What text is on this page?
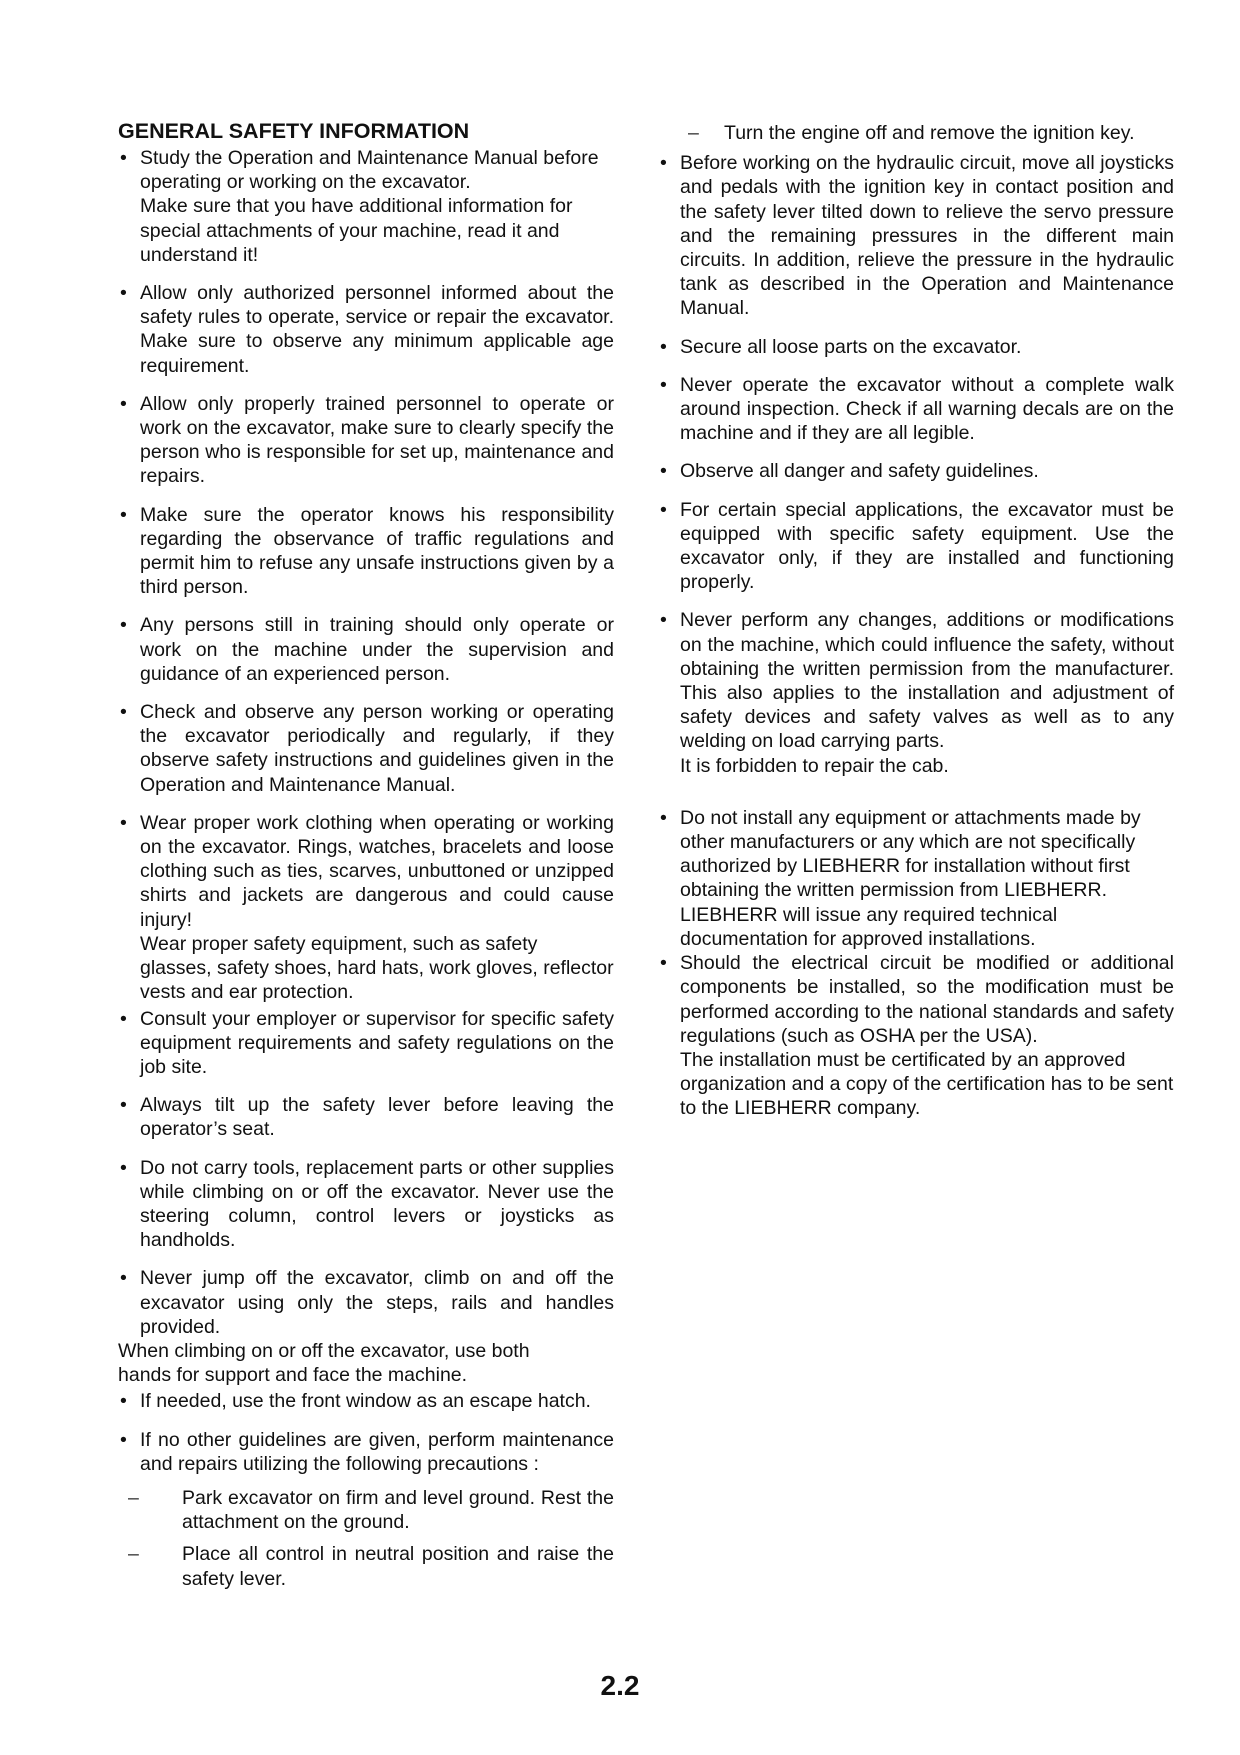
GENERAL SAFETY INFORMATION
• Study the Operation and Maintenance Manual before operating or working on the excavator.
Make sure that you have additional information for special attachments of your machine, read it and understand it!
• Allow only authorized personnel informed about the safety rules to operate, service or repair the excavator. Make sure to observe any minimum applicable age requirement.
• Allow only properly trained personnel to operate or work on the excavator, make sure to clearly specify the person who is responsible for set up, maintenance and repairs.
• Make sure the operator knows his responsibility regarding the observance of traffic regulations and permit him to refuse any unsafe instructions given by a third person.
• Any persons still in training should only operate or work on the machine under the supervision and guidance of an experienced person.
• Check and observe any person working or operating the excavator periodically and regularly, if they observe safety instructions and guidelines given in the Operation and Maintenance Manual.
• Wear proper work clothing when operating or working on the excavator. Rings, watches, bracelets and loose clothing such as ties, scarves, unbuttoned or unzipped shirts and jackets are dangerous and could cause injury!
Wear proper safety equipment, such as safety glasses, safety shoes, hard hats, work gloves, reflector vests and ear protection.
• Consult your employer or supervisor for specific safety equipment requirements and safety regulations on the job site.
• Always tilt up the safety lever before leaving the operator’s seat.
• Do not carry tools, replacement parts or other supplies while climbing on or off the excavator. Never use the steering column, control levers or joysticks as handholds.
• Never jump off the excavator, climb on and off the excavator using only the steps, rails and handles provided.
When climbing on or off the excavator, use both hands for support and face the machine.
• If needed, use the front window as an escape hatch.
• If no other guidelines are given, perform maintenance and repairs utilizing the following precautions :
– Park excavator on firm and level ground. Rest the attachment on the ground.
– Place all control in neutral position and raise the safety lever.
– Turn the engine off and remove the ignition key.
• Before working on the hydraulic circuit, move all joysticks and pedals with the ignition key in contact position and the safety lever tilted down to relieve the servo pressure and the remaining pressures in the different main circuits. In addition, relieve the pressure in the hydraulic tank as described in the Operation and Maintenance Manual.
• Secure all loose parts on the excavator.
• Never operate the excavator without a complete walk around inspection. Check if all warning decals are on the machine and if they are all legible.
• Observe all danger and safety guidelines.
• For certain special applications, the excavator must be equipped with specific safety equipment. Use the excavator only, if they are installed and functioning properly.
• Never perform any changes, additions or modifications on the machine, which could influence the safety, without obtaining the written permission from the manufacturer. This also applies to the installation and adjustment of safety devices and safety valves as well as to any welding on load carrying parts.
It is forbidden to repair the cab.
• Do not install any equipment or attachments made by other manufacturers or any which are not specifically authorized by LIEBHERR for installation without first obtaining the written permission from LIEBHERR.
LIEBHERR will issue any required technical documentation for approved installations.
• Should the electrical circuit be modified or additional components be installed, so the modification must be performed according to the national standards and safety regulations (such as OSHA per the USA).
The installation must be certificated by an approved organization and a copy of the certification has to be sent to the LIEBHERR company.
2.2
